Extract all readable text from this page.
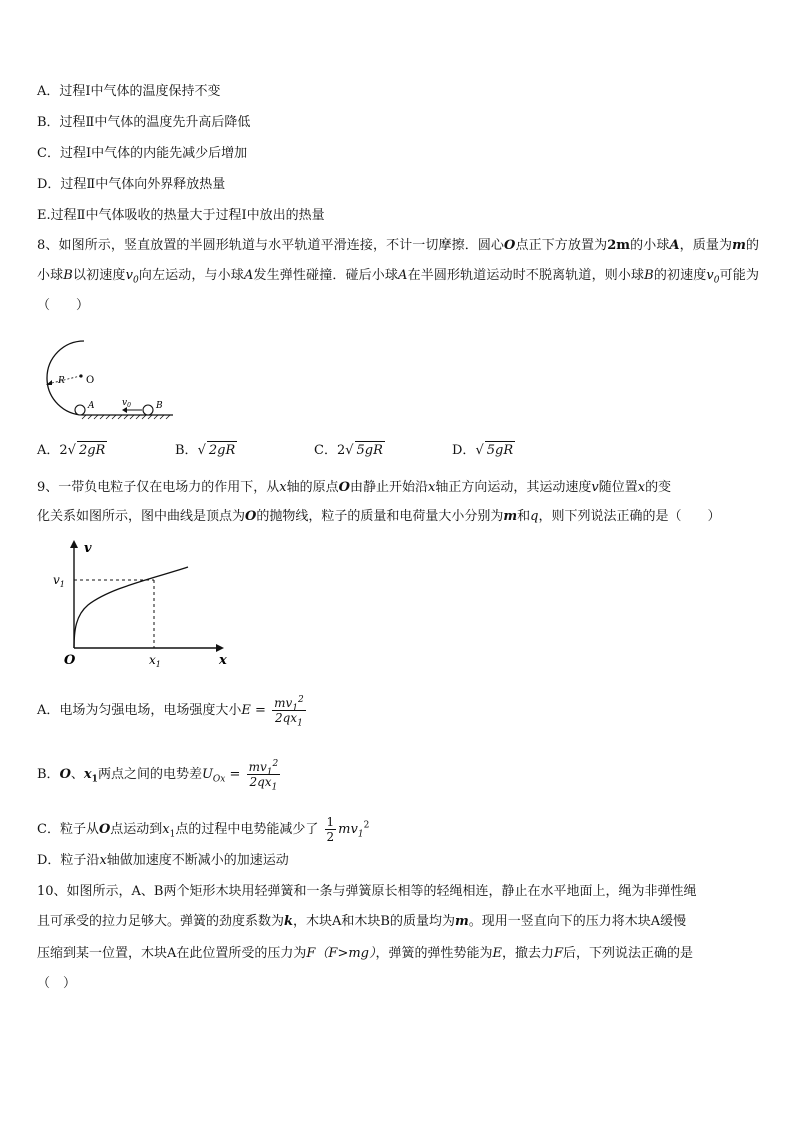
A．过程Ⅰ中气体的温度保持不变
B．过程Ⅱ中气体的温度先升高后降低
C．过程Ⅰ中气体的内能先减少后增加
D．过程Ⅱ中气体向外界释放热量
E.过程Ⅱ中气体吸收的热量大于过程Ⅰ中放出的热量
8、如图所示，竖直放置的半圆形轨道与水平轨道平滑连接，不计一切摩擦．圆心O点正下方放置为2m的小球A，质量为m的小球B以初速度$v_0$向左运动，与小球A发生弹性碰撞．碰后小球A在半圆形轨道运动时不脱离轨道，则小球B的初速度$v_0$可能为（　　）
R O
A	B
$v_0$
A．2√ 2gR	B．√ 2gR	C．2√ 5gR	D．√ 5gR
9、一带负电粒子仅在电场力的作用下，从x轴的原点O由静止开始沿x轴正方向运动，其运动速度v随位置x的变
化关系如图所示，图中曲线是顶点为O的抛物线，粒子的质量和电荷量大小分别为m和q，则下列说法正确的是（　　）
v
$v_1$
O	$x_1$	x
A．电场为匀强电场，电场强度大小$E = \frac{mv_1^2}{2qx_1}$
B．O、$x_1$两点之间的电势差$U_{Ox} = \frac{mv_1^2}{2qx_1}$
C．粒子从O点运动到$x_1$点的过程中电势能减少了 $\frac{1}{2} mv_1^2$
D．粒子沿x轴做加速度不断减小的加速运动
10、如图所示，A、B两个矩形木块用轻弹簧和一条与弹簧原长相等的轻绳相连，静止在水平地面上，绳为非弹性绳
且可承受的拉力足够大。弹簧的劲度系数为k，木块A和木块B的质量均为m。现用一竖直向下的压力将木块A缓慢
压缩到某一位置，木块A在此位置所受的压力为F（F>mg），弹簧的弹性势能为E，撤去力F后，下列说法正确的是
（　）
